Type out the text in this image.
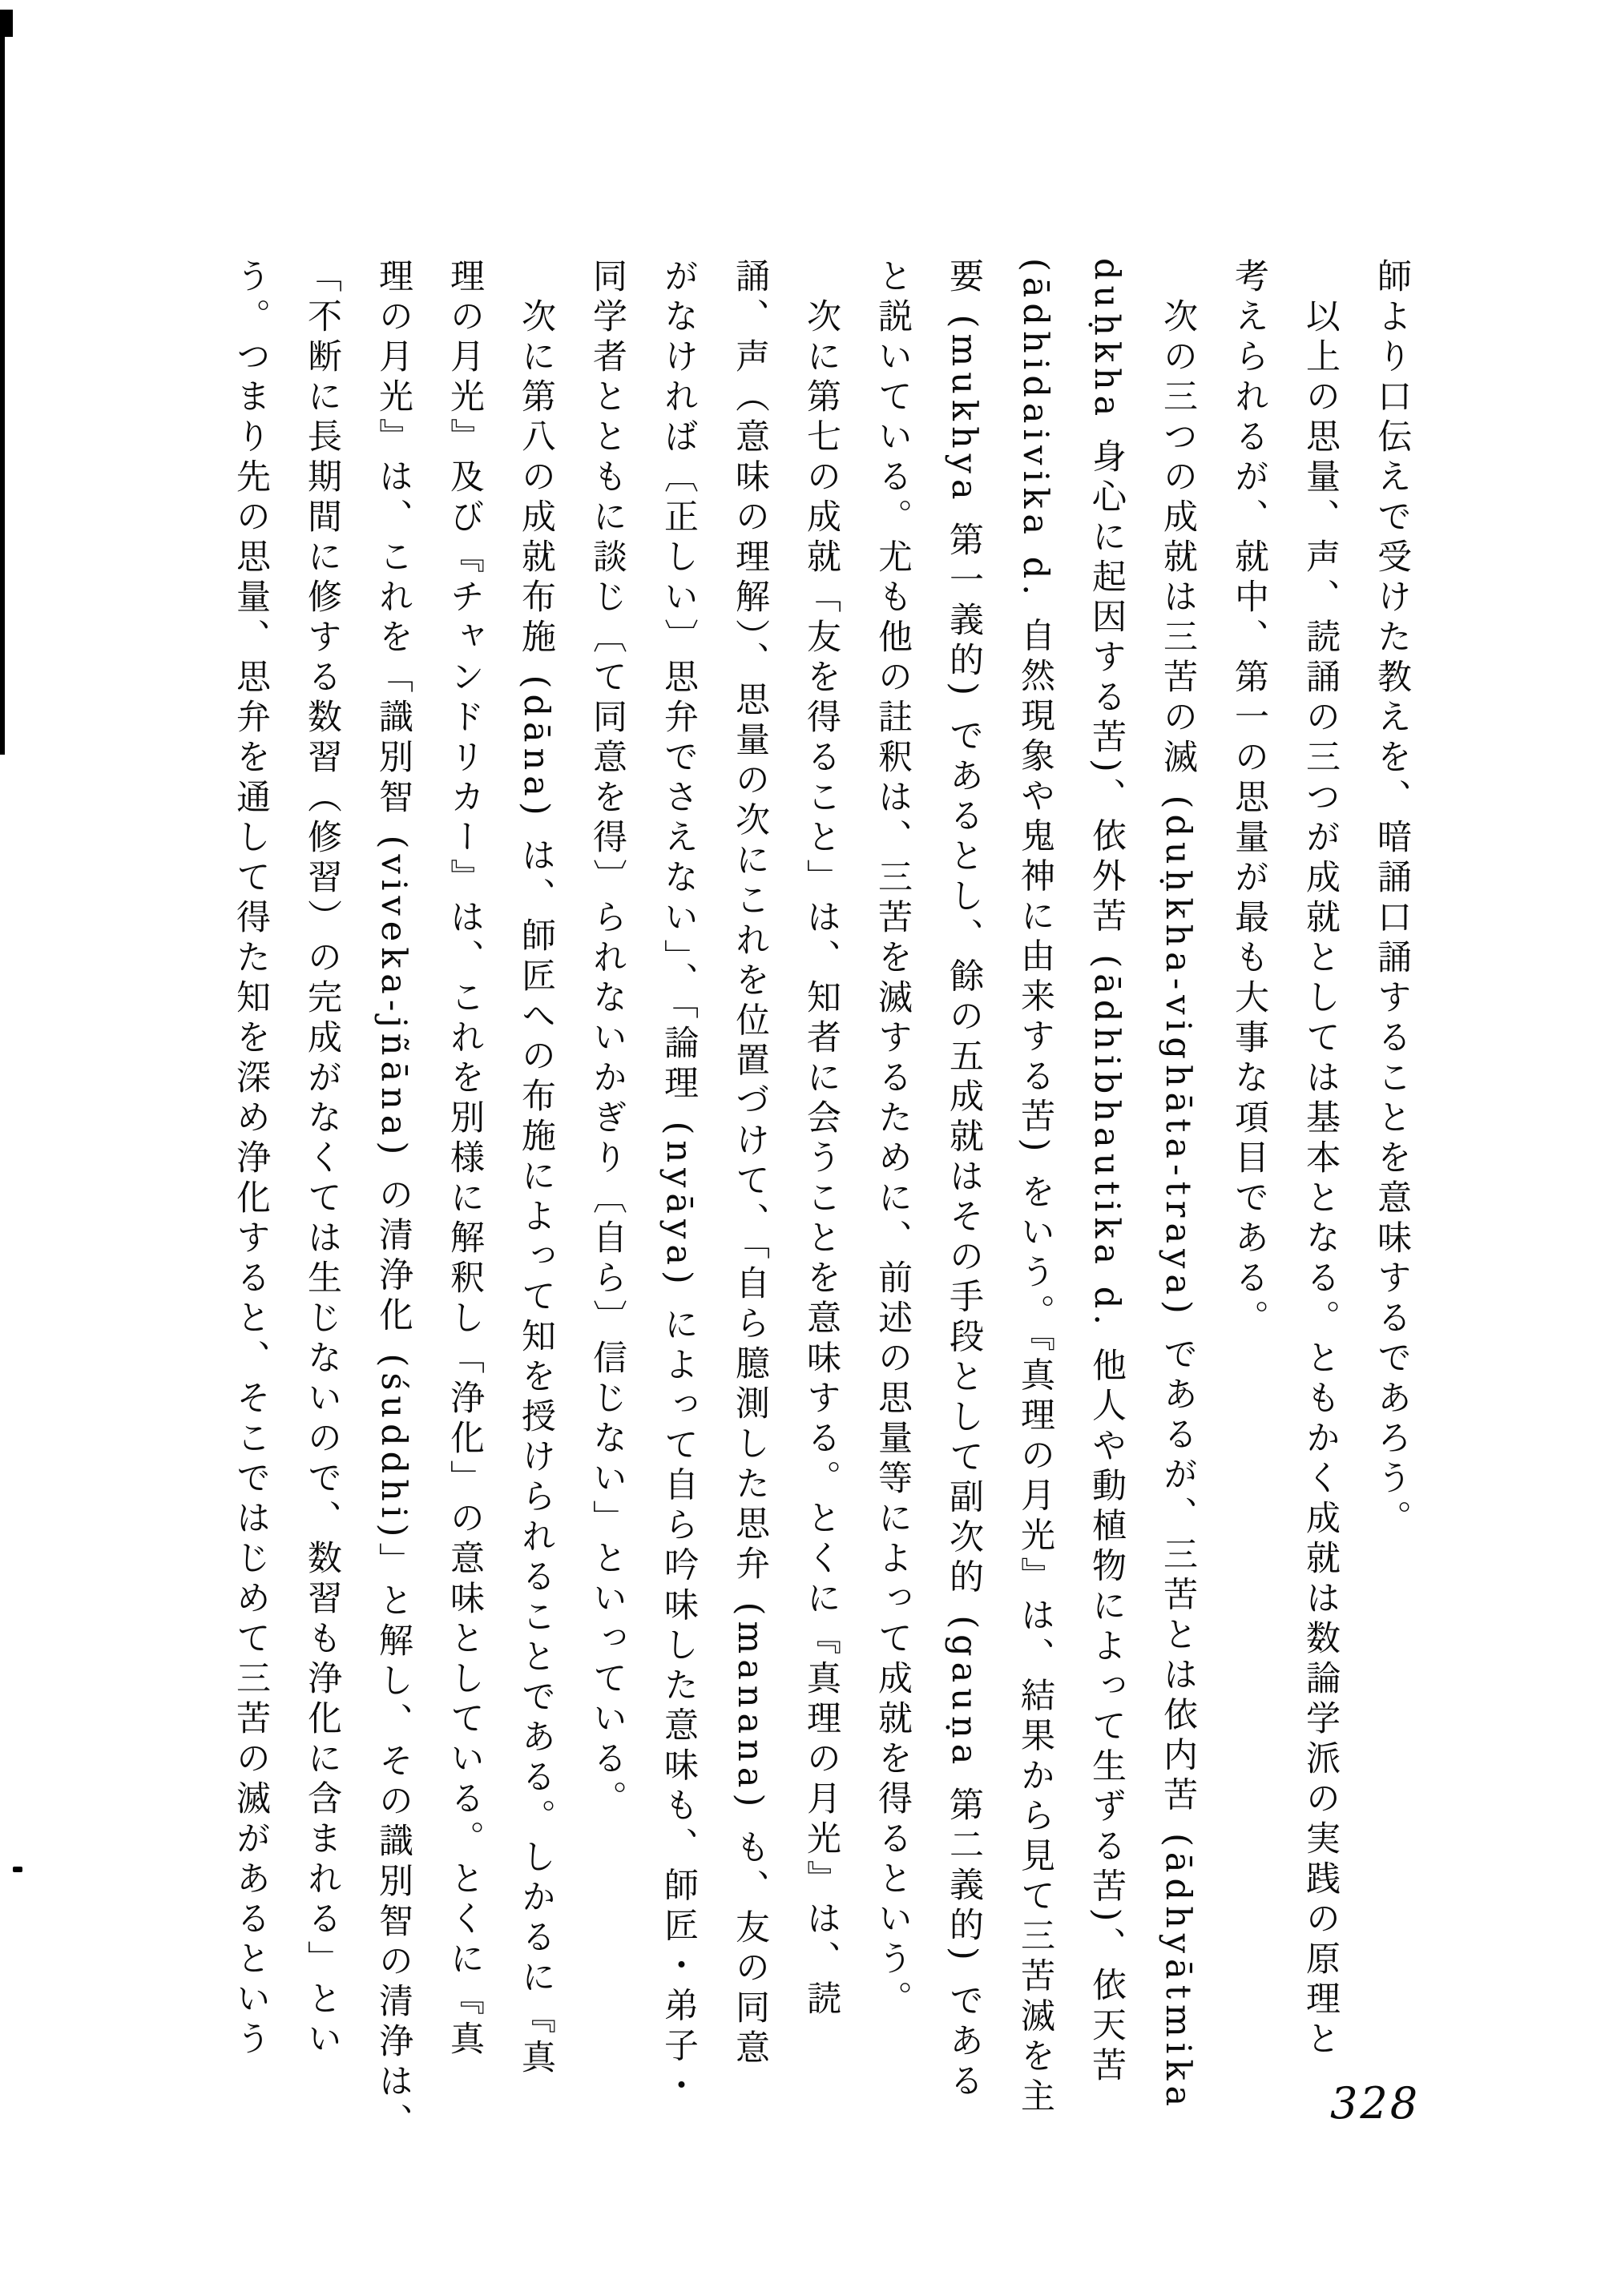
師より口伝えで受けた教えを、暗誦口誦することを意味するであろう。
以上の思量、声、読誦の三つが成就としては基本となる。ともかく成就は数論学派の実践の原理と
考えられるが、就中、第一の思量が最も大事な項目である。
次の三つの成就は三苦の滅 (duḥkha-vighāta-traya) であるが、三苦とは依内苦 (ādhyātmika
duḥkha 身心に起因する苦)、依外苦 (ādhibhautika d. 他人や動植物によって生ずる苦)、依天苦
(ādhidaivika d. 自然現象や鬼神に由来する苦) をいう。『真理の月光』は、結果から見て三苦滅を主
要 (mukhya 第一義的) であるとし、餘の五成就はその手段として副次的 (gauṇa 第二義的) である
と説いている。尤も他の註釈は、三苦を滅するために、前述の思量等によって成就を得るという。
次に第七の成就「友を得ること」は、知者に会うことを意味する。とくに『真理の月光』は、読
誦、声（意味の理解）、思量の次にこれを位置づけて、「自ら臆測した思弁 (manana) も、友の同意
がなければ〔正しい〕思弁でさえない」、「論理 (nyāya) によって自ら吟味した意味も、師匠・弟子・
同学者とともに談じ〔て同意を得〕られないかぎり〔自ら〕信じない」といっている。
次に第八の成就布施 (dāna) は、師匠への布施によって知を授けられることである。しかるに『真
理の月光』及び『チャンドリカー』は、これを別様に解釈し「浄化」の意味としている。とくに『真
理の月光』は、これを「識別智 (viveka-jñāna) の清浄化 (śuddhi)」と解し、その識別智の清浄は、
「不断に長期間に修する数習（修習）の完成がなくては生じないので、数習も浄化に含まれる」とい
う。つまり先の思量、思弁を通して得た知を深め浄化すると、そこではじめて三苦の滅があるという
328
